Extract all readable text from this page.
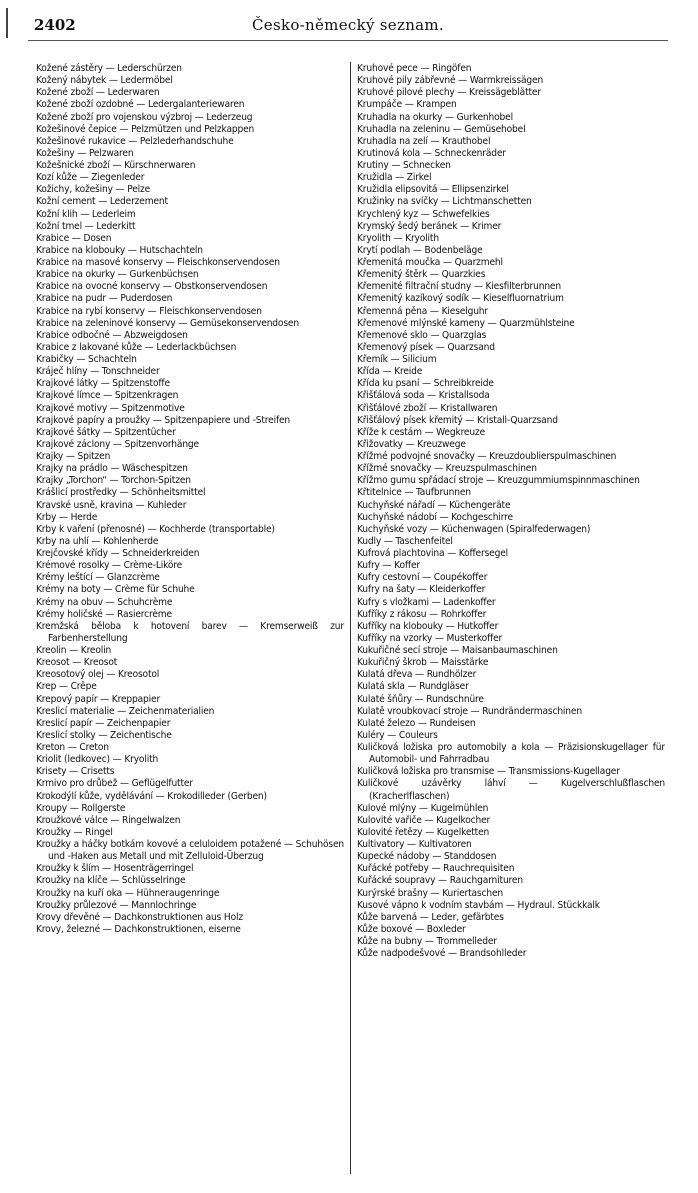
2402	Česko-německý seznam.
Kožené zástěry — Lederschürzen
Kožený nábytek — Ledermöbel
Kožené zboží — Lederwaren
Kožené zboží ozdobné — Ledergalanteriewaren
Kožené zboží pro vojenskou výzbroj — Lederzeug
Kožešinové čepice — Pelzmützen und Pelzkappen
Kožešinové rukavice — Pelzlederhandschuhe
Kožešiny — Pelzwaren
Kožešnické zboží — Kürschnerwaren
Kozí kůže — Ziegenleder
Kožichy, kožešiny — Pelze
Kožní cement — Lederzement
Kožní klih — Lederleim
Kožní tmel — Lederkitt
Krabice — Dosen
Krabice na klobouky — Hutschachteln
Krabice na masové konservy — Fleischkonservendosen
Krabice na okurky — Gurkenbüchsen
Krabice na ovocné konservy — Obstkonservendosen
Krabice na pudr — Puderdosen
Krabice na rybí konservy — Fleischkonservendosen
Krabice na zeleninové konservy — Gemüsekonservendosen
Krabice odbočné — Abzweigdosen
Krabice z lakované kůže — Lederlackbüchsen
Krabičky — Schachteln
Kráječ hlíny — Tonschneider
Krajkové látky — Spitzenstoffe
Krajkové límce — Spitzenkragen
Krajkové motivy — Spitzenmotive
Krajkové papíry a proužky — Spitzenpapiere und -Streifen
Krajkové šátky — Spitzentücher
Krajkové záclony — Spitzenvorhänge
Krajky — Spitzen
Krajky na prádlo — Wäschespitzen
Krajky „Torchon“ — Torchon-Spitzen
Krášlicí prostředky — Schönheitsmittel
Kravské usně, kravina — Kuhleder
Krby — Herde
Krby k vaření (přenosné) — Kochherde (transportable)
Krby na uhlí — Kohlenherde
Krejčovské křídy — Schneiderkreiden
Krémové rosolky — Crème-Liköre
Krémy leštící — Glanzcrème
Krémy na boty — Crème für Schuhe
Krémy na obuv — Schuhcrème
Krémy holičské — Rasiercrème
Kremžská běloba k hotovení barev — Kremserweiß zur Farbenherstellung
Kreolin — Kreolin
Kreosot — Kreosot
Kreosotový olej — Kreosotol
Krep — Crêpe
Krepový papír — Kreppapier
Kreslicí materialie — Zeichenmaterialien
Kreslicí papír — Zeichenpapier
Kreslicí stolky — Zeichentische
Kreton — Creton
Kriolit (ledkovec) — Kryolith
Krisety — Crisetts
Krmivo pro drůbež — Geflügelfutter
Krokodýlí kůže, vydělávání — Krokodilleder (Gerben)
Kroupy — Rollgerste
Kroužkové válce — Ringelwalzen
Kroužky — Ringel
Kroužky a háčky botkám kovové a celuloidem potažené — Schuhösen und -Haken aus Metall und mit Zelluloid-Überzug
Kroužky k šlím — Hosenträgerringel
Kroužky na klíče — Schlüsselringe
Kroužky na kuří oka — Hühneraugenringe
Kroužky průlezové — Mannlochringe
Krovy dřevěné — Dachkonstruktionen aus Holz
Krovy, železné — Dachkonstruktionen, eiserne
Kruhové pece — Ringöfen
Kruhové pily zábřevné — Warmkreissägen
Kruhové pilové plechy — Kreissägeblätter
Krumpáče — Krampen
Kruhadla na okurky — Gurkenhobel
Kruhadla na zeleninu — Gemüsehobel
Kruhadla na zelí — Krauthobel
Krutinová kola — Schneckenräder
Krutiny — Schnecken
Kružidla — Zirkel
Kružidla elipsovitá — Ellipsenzirkel
Kružinky na svíčky — Lichtmanschetten
Krychlený kyz — Schwefelkies
Krymský šedý beránek — Krimer
Kryolith — Kryolith
Krytí podlah — Bodenbeläge
Křemenitá moučka — Quarzmehl
Křemenitý štěrk — Quarzkies
Křemenité filtrační studny — Kiesfilterbrunnen
Křemenitý kazíkový sodík — Kieselfluornatrium
Křemenná pěna — Kieselguhr
Křemenové mlýnské kameny — Quarzmühlsteine
Křemenové sklo — Quarzglas
Křemenový písek — Quarzsand
Křemík — Silicium
Křída — Kreide
Křída ku psaní — Schreibkreide
Křišťálová soda — Kristallsoda
Křišťálové zboží — Kristallwaren
Křišťálový písek křemitý — Kristall-Quarzsand
Kříže k cestám — Wegkreuze
Křižovatky — Kreuzwege
Křížmé podvojné snovačky — Kreuzdoublierspulmaschinen
Křížmé snovačky — Kreuzspulmaschinen
Křížmo gumu spřádací stroje — Kreuzgummiumspinnmaschinen
Křtitelnice — Taufbrunnen
Kuchyňské nářadí — Küchengeräte
Kuchyňské nádobí — Kochgeschirre
Kuchyňské vozy — Küchenwagen (Spiralfederwagen)
Kudly — Taschenfeitel
Kufrová plachtovina — Koffersegel
Kufry — Koffer
Kufry cestovní — Coupékoffer
Kufry na šaty — Kleiderkoffer
Kufry s vložkami — Ladenkoffer
Kufříky z rákosu — Rohrkoffer
Kufříky na klobouky — Hutkoffer
Kufříky na vzorky — Musterkoffer
Kukuřičné secí stroje — Maisanbaumaschinen
Kukuřičný škrob — Maisstärke
Kulatá dřeva — Rundhölzer
Kulatá skla — Rundgläser
Kulaté šňůry — Rundschnüre
Kulatě vroubkovací stroje — Rundrändermaschinen
Kulaté železo — Rundeisen
Kuléry — Couleurs
Kuličková ložiska pro automobily a kola — Präzisionskugellager für Automobil- und Fahrradbau
Kuličková ložiska pro transmise — Transmissions-Kugellager
Kuličkové uzávěrky láhví — Kugelverschlußflaschen (Kracherlflaschen)
Kulové mlýny — Kugelmühlen
Kulovité vařiče — Kugelkocher
Kulovité řetězy — Kugelketten
Kultivatory — Kultivatoren
Kupecké nádoby — Standdosen
Kuřácké potřeby — Rauchrequisiten
Kuřácké soupravy — Rauchgarnituren
Kurýrské brašny — Kuriertaschen
Kusové vápno k vodním stavbám — Hydraul. Stückkalk
Kůže barvená — Leder, gefärbtes
Kůže boxové — Boxleder
Kůže na bubny — Trommelleder
Kůže nadpodešvové — Brandsohlleder
